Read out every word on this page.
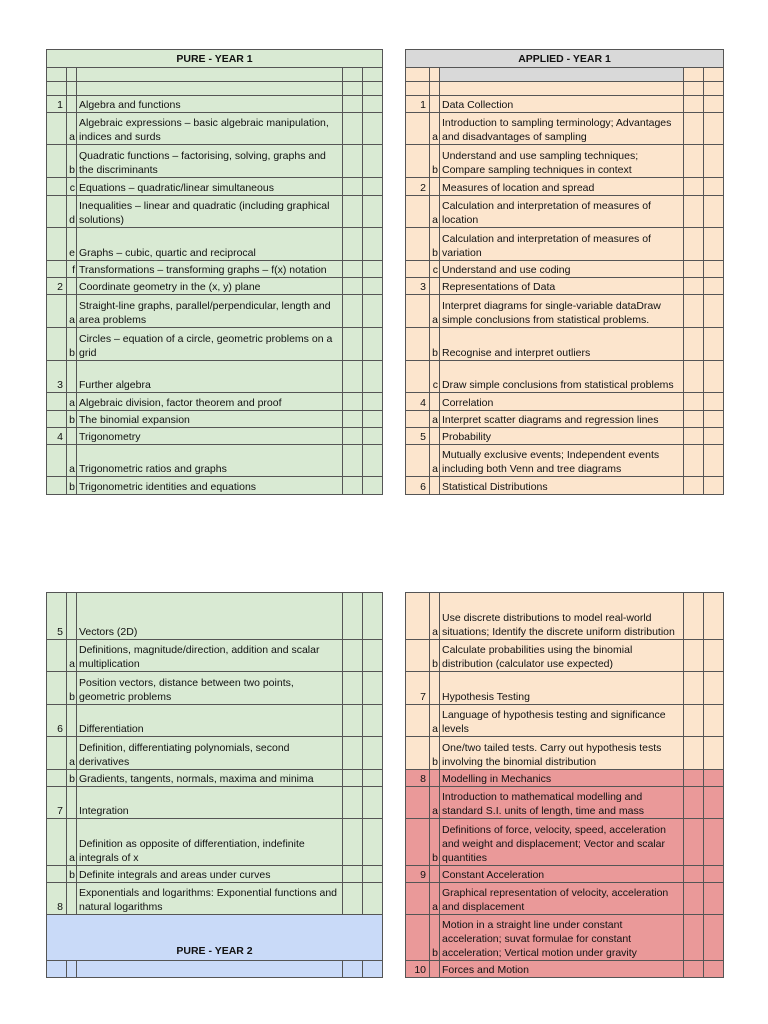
PURE - YEAR 1				

1		Algebra and functions		
	a	Algebraic expressions – basic algebraic manipulation, indices and surds		
	b	Quadratic functions – factorising, solving, graphs and the discriminants		
	c	Equations – quadratic/linear simultaneous		
	d	Inequalities – linear and quadratic (including graphical solutions)		
	e	Graphs – cubic, quartic and reciprocal		
	f	Transformations – transforming graphs – f(x) notation		
2		Coordinate geometry in the (x, y) plane		
	a	Straight-line graphs, parallel/perpendicular, length and area problems		
	b	Circles – equation of a circle, geometric problems on a grid		
3		Further algebra		
	a	Algebraic division, factor theorem and proof		
	b	The binomial expansion		
4		Trigonometry		
	a	Trigonometric ratios and graphs		
	b	Trigonometric identities and equations		
APPLIED - YEAR 1				

1		Data Collection		
	a	Introduction to sampling terminology; Advantages and disadvantages of sampling		
	b	Understand and use sampling techniques; Compare sampling techniques in context		
2		Measures of location and spread		
	a	Calculation and interpretation of measures of location		
	b	Calculation and interpretation of measures of variation		
	c	Understand and use coding		
3		Representations of Data		
	a	Interpret diagrams for single-variable dataDraw simple conclusions from statistical problems.		
	b	Recognise and interpret outliers		
	c	Draw simple conclusions from statistical problems		
4		Correlation		
	a	Interpret scatter diagrams and regression lines		
5		Probability		
	a	Mutually exclusive events; Independent events including both Venn and tree diagrams		
6		Statistical Distributions		
5		Vectors (2D)		
	a	Definitions, magnitude/direction, addition and scalar multiplication		
	b	Position vectors, distance between two points, geometric problems		
6		Differentiation		
	a	Definition, differentiating polynomials, second derivatives		
	b	Gradients, tangents, normals, maxima and minima		
7		Integration		
	a	Definition as opposite of differentiation, indefinite integrals of x		
	b	Definite integrals and areas under curves		
8		Exponentials and logarithms: Exponential functions and natural logarithms		
PURE - YEAR 2				

	a	Use discrete distributions to model real-world situations; Identify the discrete uniform distribution		
	b	Calculate probabilities using the binomial distribution (calculator use expected)		
7		Hypothesis Testing		
	a	Language of hypothesis testing and significance levels		
	b	One/two tailed tests. Carry out hypothesis tests involving the binomial distribution		
8		Modelling in Mechanics		
	a	Introduction to mathematical modelling and standard S.I. units of length, time and mass		
	b	Definitions of force, velocity, speed, acceleration and weight and displacement; Vector and scalar quantities		
9		Constant Acceleration		
	a	Graphical representation of velocity, acceleration and displacement		
	b	Motion in a straight line under constant acceleration; suvat formulae for constant acceleration; Vertical motion under gravity		
10		Forces and Motion		
